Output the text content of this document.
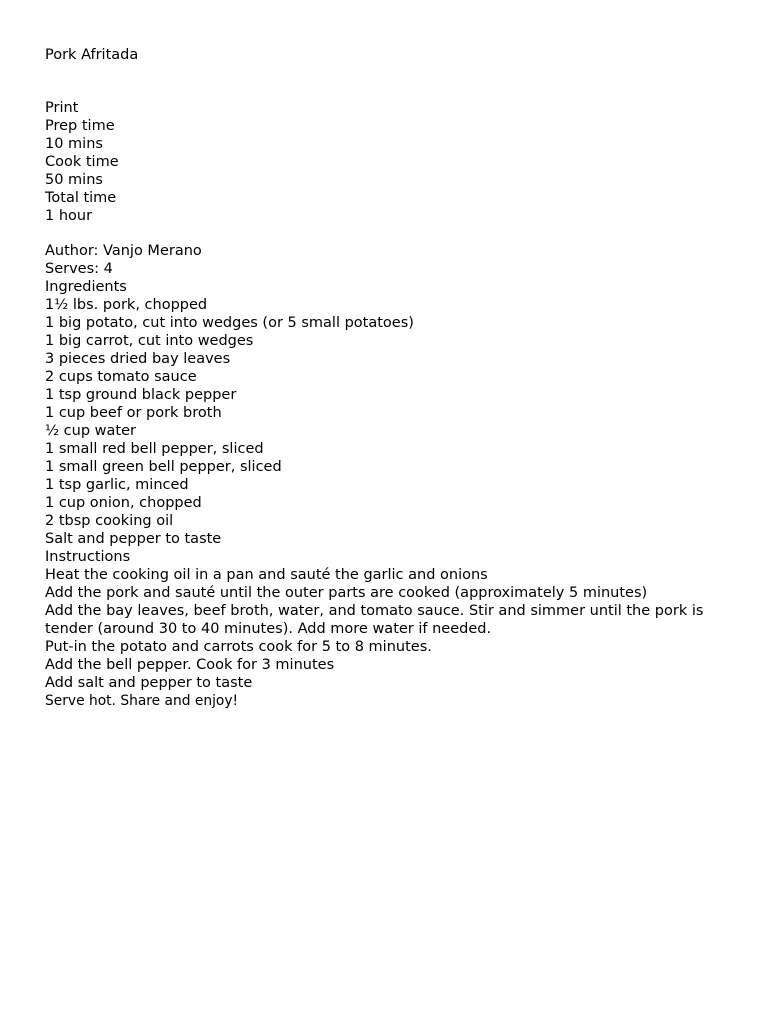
Pork Afritada
Print
Prep time
10 mins
Cook time
50 mins
Total time
1 hour
Author: Vanjo Merano
Serves: 4
Ingredients
1½ lbs. pork, chopped
1 big potato, cut into wedges (or 5 small potatoes)
1 big carrot, cut into wedges
3 pieces dried bay leaves
2 cups tomato sauce
1 tsp ground black pepper
1 cup beef or pork broth
½ cup water
1 small red bell pepper, sliced
1 small green bell pepper, sliced
1 tsp garlic, minced
1 cup onion, chopped
2 tbsp cooking oil
Salt and pepper to taste
Instructions
Heat the cooking oil in a pan and sauté the garlic and onions
Add the pork and sauté until the outer parts are cooked (approximately 5 minutes)
Add the bay leaves, beef broth, water, and tomato sauce. Stir and simmer until the pork is tender (around 30 to 40 minutes). Add more water if needed.
Put-in the potato and carrots cook for 5 to 8 minutes.
Add the bell pepper. Cook for 3 minutes
Add salt and pepper to taste
Serve hot. Share and enjoy!
